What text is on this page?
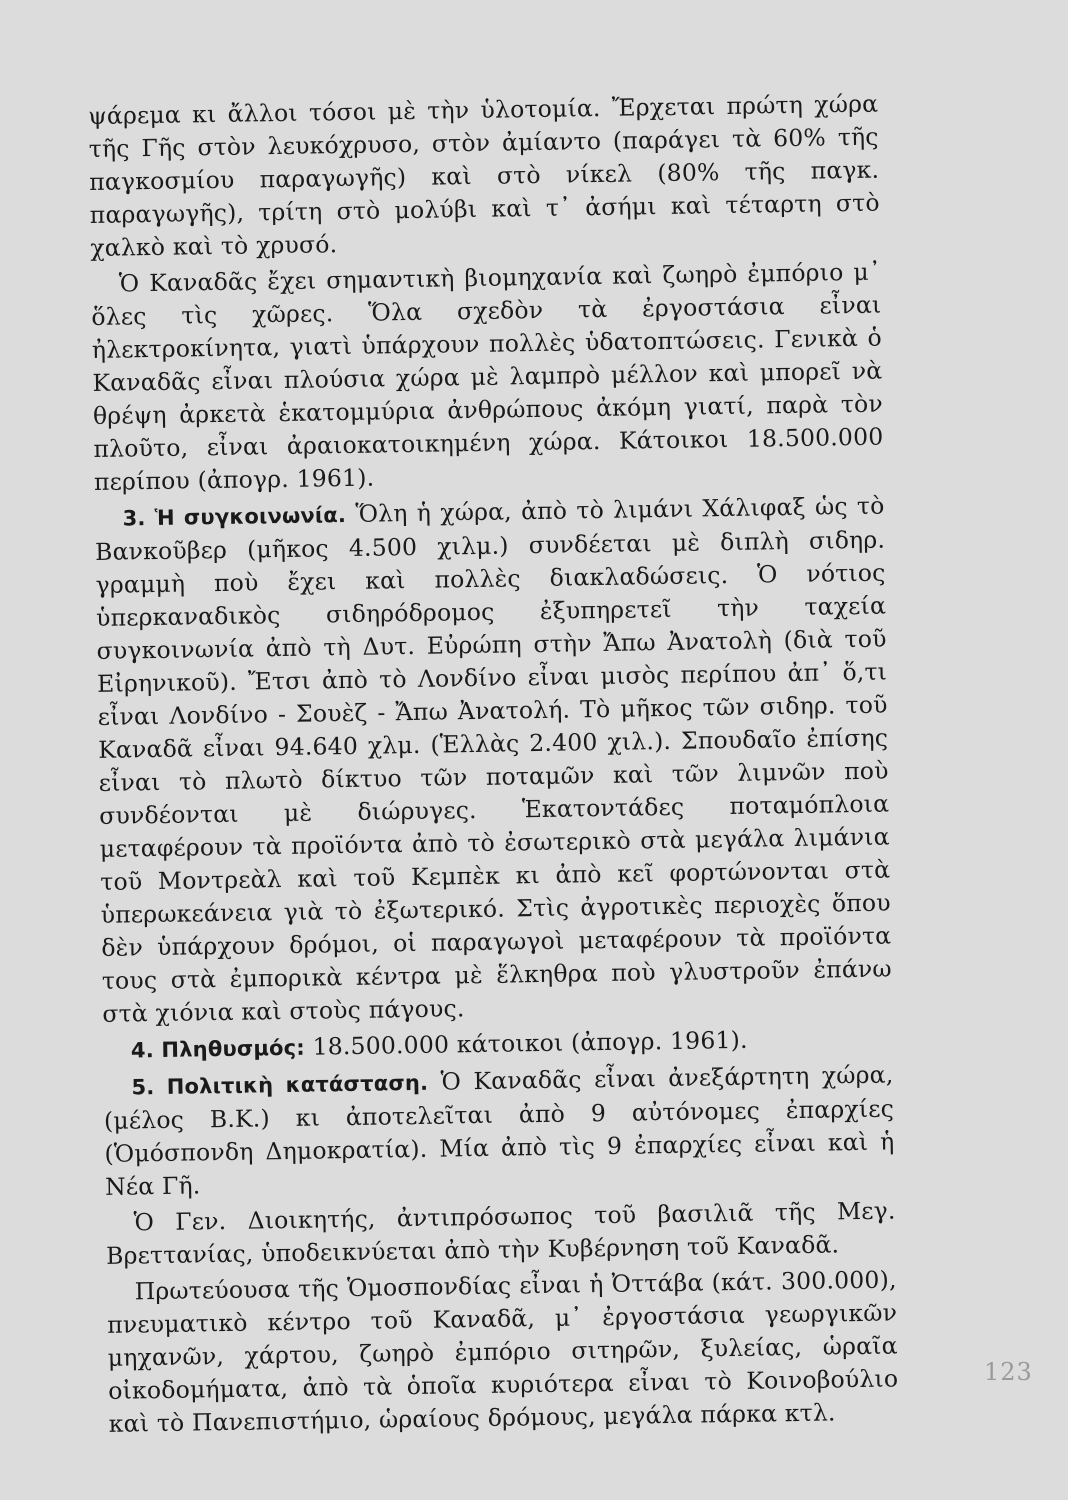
ψάρεμα κι ἄλλοι τόσοι μὲ τὴν ὑλοτομία. Ἔρχεται πρώτη χώρα τῆς Γῆς στὸν λευκόχρυσο, στὸν ἀμίαντο (παράγει τὰ 60% τῆς παγκοσμίου παραγωγῆς) καὶ στὸ νίκελ (80% τῆς παγκ. παραγωγῆς), τρίτη στὸ μολύβι καὶ τ᾿ ἀσήμι καὶ τέταρτη στὸ χαλκὸ καὶ τὸ χρυσό.

Ὁ Καναδᾶς ἔχει σημαντικὴ βιομηχανία καὶ ζωηρὸ ἐμπόριο μ᾿ ὅλες τὶς χῶρες. Ὅλα σχεδὸν τὰ ἐργοστάσια εἶναι ἠλεκτροκίνητα, γιατὶ ὑπάρχουν πολλὲς ὑδατοπτώσεις. Γενικὰ ὁ Καναδᾶς εἶναι πλούσια χώρα μὲ λαμπρὸ μέλλον καὶ μπορεῖ νὰ θρέψη ἀρκετὰ ἑκατομμύρια ἀνθρώπους ἀκόμη γιατί, παρὰ τὸν πλοῦτο, εἶναι ἀραιοκατοικημένη χώρα. Κάτοικοι 18.500.000 περίπου (ἀπογρ. 1961).

3. Ἡ συγκοινωνία. Ὅλη ἡ χώρα, ἀπὸ τὸ λιμάνι Χάλιφαξ ὡς τὸ Βανκοῦβερ (μῆκος 4.500 χιλμ.) συνδέεται μὲ διπλὴ σιδηρ. γραμμὴ ποὺ ἔχει καὶ πολλὲς διακλαδώσεις. Ὁ νότιος ὑπερκαναδικὸς σιδηρόδρομος ἐξυπηρετεῖ τὴν ταχεία συγκοινωνία ἀπὸ τὴ Δυτ. Εὐρώπη στὴν Ἄπω Ἀνατολὴ (διὰ τοῦ Εἰρηνικοῦ). Ἔτσι ἀπὸ τὸ Λονδίνο εἶναι μισὸς περίπου ἀπ᾿ ὅ,τι εἶναι Λονδίνο - Σουὲζ - Ἄπω Ἀνατολή. Τὸ μῆκος τῶν σιδηρ. τοῦ Καναδᾶ εἶναι 94.640 χλμ. (Ἑλλὰς 2.400 χιλ.). Σπουδαῖο ἐπίσης εἶναι τὸ πλωτὸ δίκτυο τῶν ποταμῶν καὶ τῶν λιμνῶν ποὺ συνδέονται μὲ διώρυγες. Ἑκατοντάδες ποταμόπλοια μεταφέρουν τὰ προϊόντα ἀπὸ τὸ ἐσωτερικὸ στὰ μεγάλα λιμάνια τοῦ Μοντρεὰλ καὶ τοῦ Κεμπὲκ κι ἀπὸ κεῖ φορτώνονται στὰ ὑπερωκεάνεια γιὰ τὸ ἐξωτερικό. Στὶς ἀγροτικὲς περιοχὲς ὅπου δὲν ὑπάρχουν δρόμοι, οἱ παραγωγοὶ μεταφέρουν τὰ προϊόντα τους στὰ ἐμπορικὰ κέντρα μὲ ἕλκηθρα ποὺ γλυστροῦν ἐπάνω στὰ χιόνια καὶ στοὺς πάγους.

4. Πληθυσμός: 18.500.000 κάτοικοι (ἀπογρ. 1961).

5. Πολιτικὴ κατάσταση. Ὁ Καναδᾶς εἶναι ἀνεξάρτητη χώρα, (μέλος Β.Κ.) κι ἀποτελεῖται ἀπὸ 9 αὐτόνομες ἐπαρχίες (Ὁμόσπονδη Δημοκρατία). Μία ἀπὸ τὶς 9 ἐπαρχίες εἶναι καὶ ἡ Νέα Γῆ.

Ὁ Γεν. Διοικητής, ἀντιπρόσωπος τοῦ βασιλιᾶ τῆς Μεγ. Βρεττανίας, ὑποδεικνύεται ἀπὸ τὴν Κυβέρνηση τοῦ Καναδᾶ.

Πρωτεύουσα τῆς Ὁμοσπονδίας εἶναι ἡ Ὀττάβα (κάτ. 300.000), πνευματικὸ κέντρο τοῦ Καναδᾶ, μ᾿ ἐργοστάσια γεωργικῶν μηχανῶν, χάρτου, ζωηρὸ ἐμπόριο σιτηρῶν, ξυλείας, ὡραῖα οἰκοδομήματα, ἀπὸ τὰ ὁποῖα κυριότερα εἶναι τὸ Κοινοβούλιο καὶ τὸ Πανεπιστήμιο, ὡραίους δρόμους, μεγάλα πάρκα κτλ.

123
